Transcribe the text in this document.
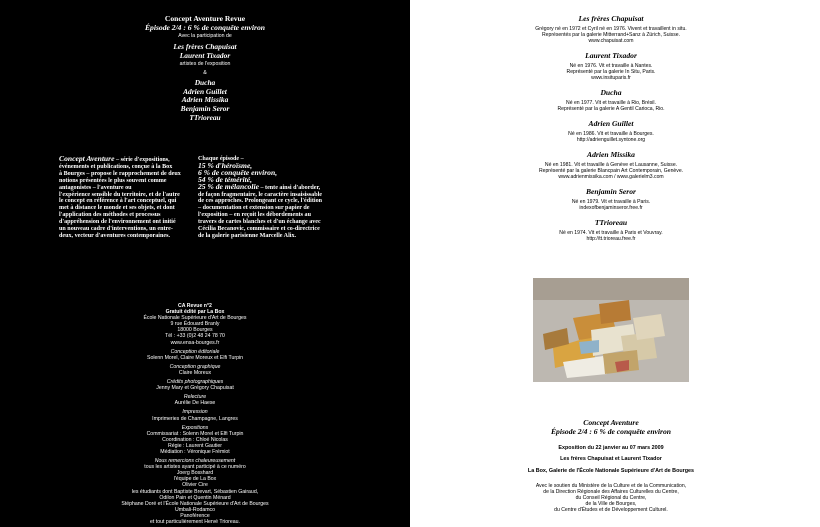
Concept Aventure Revue
Épisode 2/4 : 6 % de conquête environ
Avec la participation de
Les frères Chapuisat
Laurent Tixador
artistes de l'exposition
&
Ducha
Adrien Guillet
Adrien Missika
Benjamin Seror
TTrioreau
Concept Aventure – série d'expositions,
événements et publications, conçue à la Box
à Bourges – propose le rapprochement de deux
notions présentées le plus souvent comme
antagonistes – l'aventure ou
l'expérience sensible du territoire, et de l'autre
le concept en référence à l'art conceptuel, qui
met à distance le monde et ses objets, et dont
l'application des méthodes et processus
d'appréhension de l'environnement ont initié
un nouveau cadre d'interventions, un entre-
deux, vecteur d'aventures contemporaines.
Chaque épisode –
15 % d'héroïsme,
6 % de conquête environ,
54 % de témérité,
25 % de mélancolie – tente ainsi d'aborder,
de façon fragmentaire, le caractère insaisissable
de ces approches. Prolongeant ce cycle, l'édition
– documentation et extension sur papier de
l'exposition – en reçoit les débordements au
travers de cartes blanches et d'un échange avec
Cécilia Becanovic, commissaire et co-directrice
de la galerie parisienne Marcelle Alix.
CA Revue n°2
Gratuit édité par La Box
École Nationale Supérieure d'Art de Bourges
9 rue Édouard Branly
18000 Bourges
Tél : +33 (0)2 48 24 78 70
www.ensa-bourges.fr
Conception éditoriale
Solenn Morel, Claire Moreux et Elfi Turpin
Conception graphique
Claire Moreux
Crédits photographiques
Jenny Mary et Grégory Chapuisat
Relecture
Aurélie De Haese
Impression
Imprimeries de Champagne, Langres
Expositions
Commissariat : Solenn Morel et Elfi Turpin
Coordination : Chloé Nicolas
Régie : Laurent Gautier
Médiation : Véronique Frémiot
Nous remercions chaleureusement
tous les artistes ayant participé à ce numéro
Joerg Bosshard
l'équipe de La Box
Olivier Cire
les étudiants dont Baptiste Brevart, Sébastien Gairaud,
Odilon Pain et Quentin Ménard
Stéphane Doré et l'École Nationale Supérieure d'Art de Bourges
Umbali-Rodamco
Panoférence
et tout particulièrement Hervé Trioreau.
Les frères Chapuisat
Grégory né en 1972 et Cyril né en 1976. Vivent et travaillent in situ.
Représentés par la galerie Mitterrand+Sanz à Zürich, Suisse.
www.chapuisat.com
Laurent Tixador
Né en 1976. Vit et travaille à Nantes.
Représenté par la galerie In Situ, Paris.
www.insituparis.fr
Ducha
Né en 1977. Vit et travaille à Rio, Brésil.
Représenté par la galerie A Gentil Carioca, Rio.
Adrien Guillet
Né en 1986. Vit et travaille à Bourges.
http://adrienguillet.syntone.org
Adrien Missika
Né en 1981. Vit et travaille à Genève et Lausanne, Suisse.
Représenté par la galerie Blancpain Art Contemporain, Genève.
www.adrienmissika.com / www.galerielm3.com
Benjamin Seror
Né en 1979. Vit et travaille à Paris.
indexofbenjaminseror.free.fr
TTrioreau
Né en 1974. Vit et travaille à Paris et Vouvray.
http://tt.trioreau.free.fr
Concept Aventure
Épisode 2/4 : 6 % de conquête environ
Exposition du 22 janvier au 07 mars 2009
Les frères Chapuisat et Laurent Tixador
La Box, Galerie de l'École Nationale Supérieure d'Art de Bourges
Avec le soutien du Ministère de la Culture et de la Communication,
de la Direction Régionale des Affaires Culturelles du Centre,
du Conseil Régional du Centre,
de la Ville de Bourges,
du Centre d'Études et de Développement Culturel.
